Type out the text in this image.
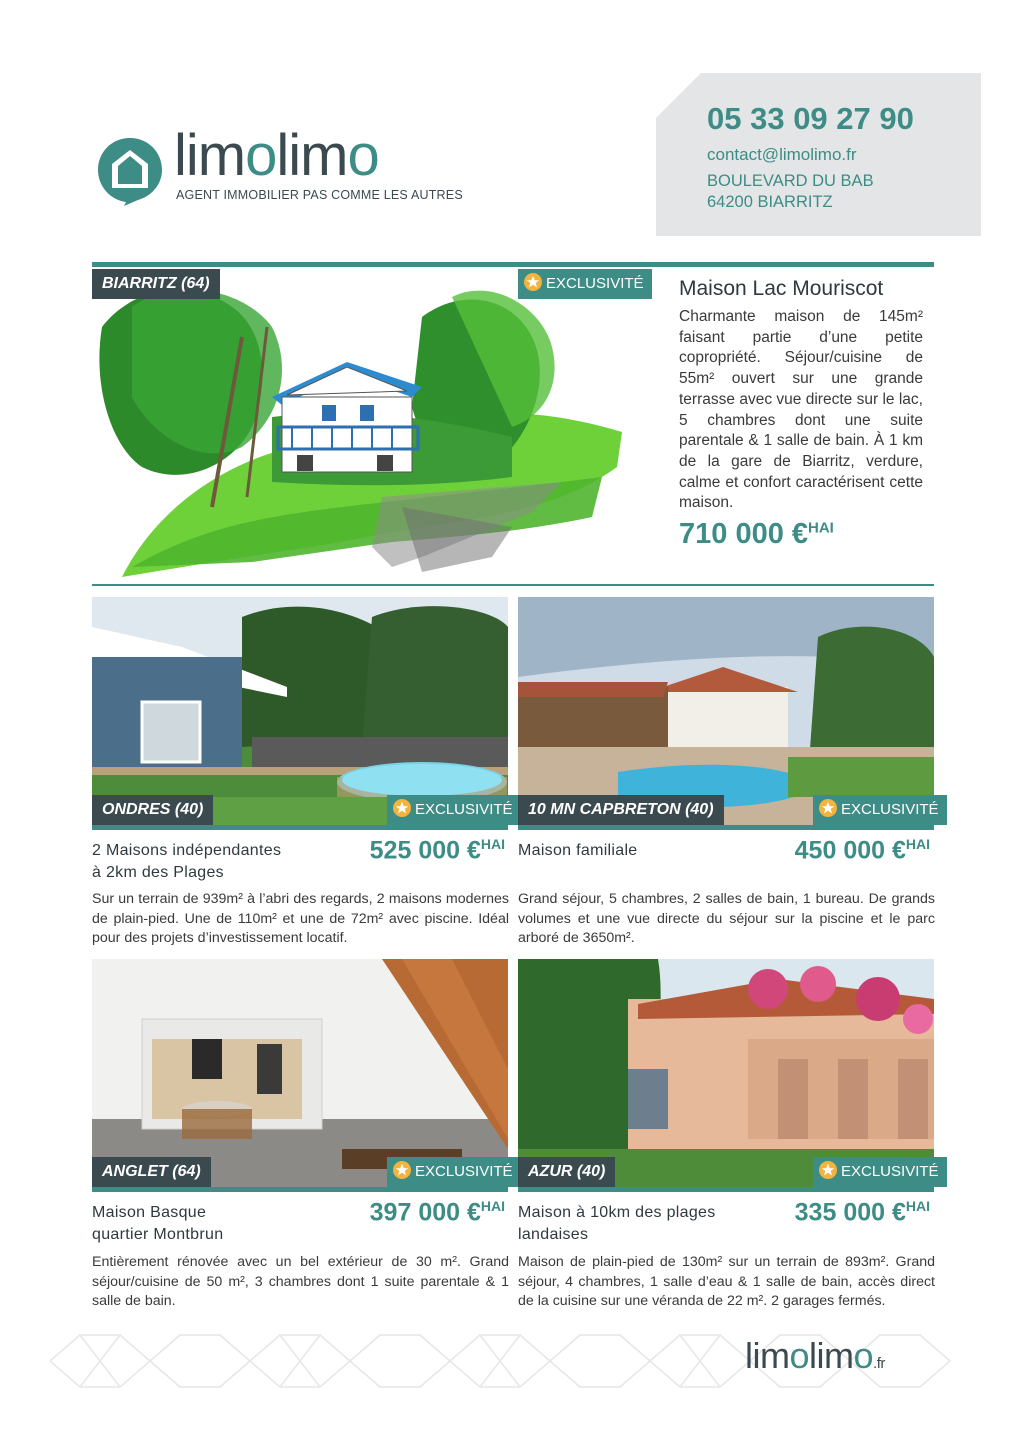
limolimo
AGENT IMMOBILIER PAS COMME LES AUTRES
05 33 09 27 90
contact@limolimo.fr
BOULEVARD DU BAB
64200 BIARRITZ
BIARRITZ (64)	EXCLUSIVITÉ	Maison Lac Mouriscot
Charmante maison de 145m² faisant partie d’une petite copropriété. Séjour/cuisine de 55m² ouvert sur une grande terrasse avec vue directe sur le lac, 5 chambres dont une suite parentale & 1 salle de bain. À 1 km de la gare de Biarritz, verdure, calme et confort caractérisent cette maison.
710 000 €$^{HAI}$
ONDRES (40)	EXCLUSIVITÉ
2 Maisons indépendantes
à 2km des Plages
525 000 €$^{HAI}$
Sur un terrain de 939m² à l’abri des regards, 2 maisons modernes de plain-pied. Une de 110m² et une de 72m² avec piscine. Idéal pour des projets d’investissement locatif.
10 MN CAPBRETON (40)	EXCLUSIVITÉ
Maison familiale	450 000 €$^{HAI}$
Grand séjour, 5 chambres, 2 salles de bain, 1 bureau. De grands volumes et une vue directe du séjour sur la piscine et le parc arboré de 3650m².
ANGLET (64)	EXCLUSIVITÉ
Maison Basque
quartier Montbrun
397 000 €$^{HAI}$
Entièrement rénovée avec un bel extérieur de 30 m². Grand séjour/cuisine de 50 m², 3 chambres dont 1 suite parentale & 1 salle de bain.
AZUR (40)	EXCLUSIVITÉ
Maison à 10km des plages
landaises
335 000 €$^{HAI}$
Maison de plain-pied de 130m² sur un terrain de 893m². Grand séjour, 4 chambres, 1 salle d’eau & 1 salle de bain, accès direct de la cuisine sur une véranda de 22 m². 2 garages fermés.
limolimo.fr
